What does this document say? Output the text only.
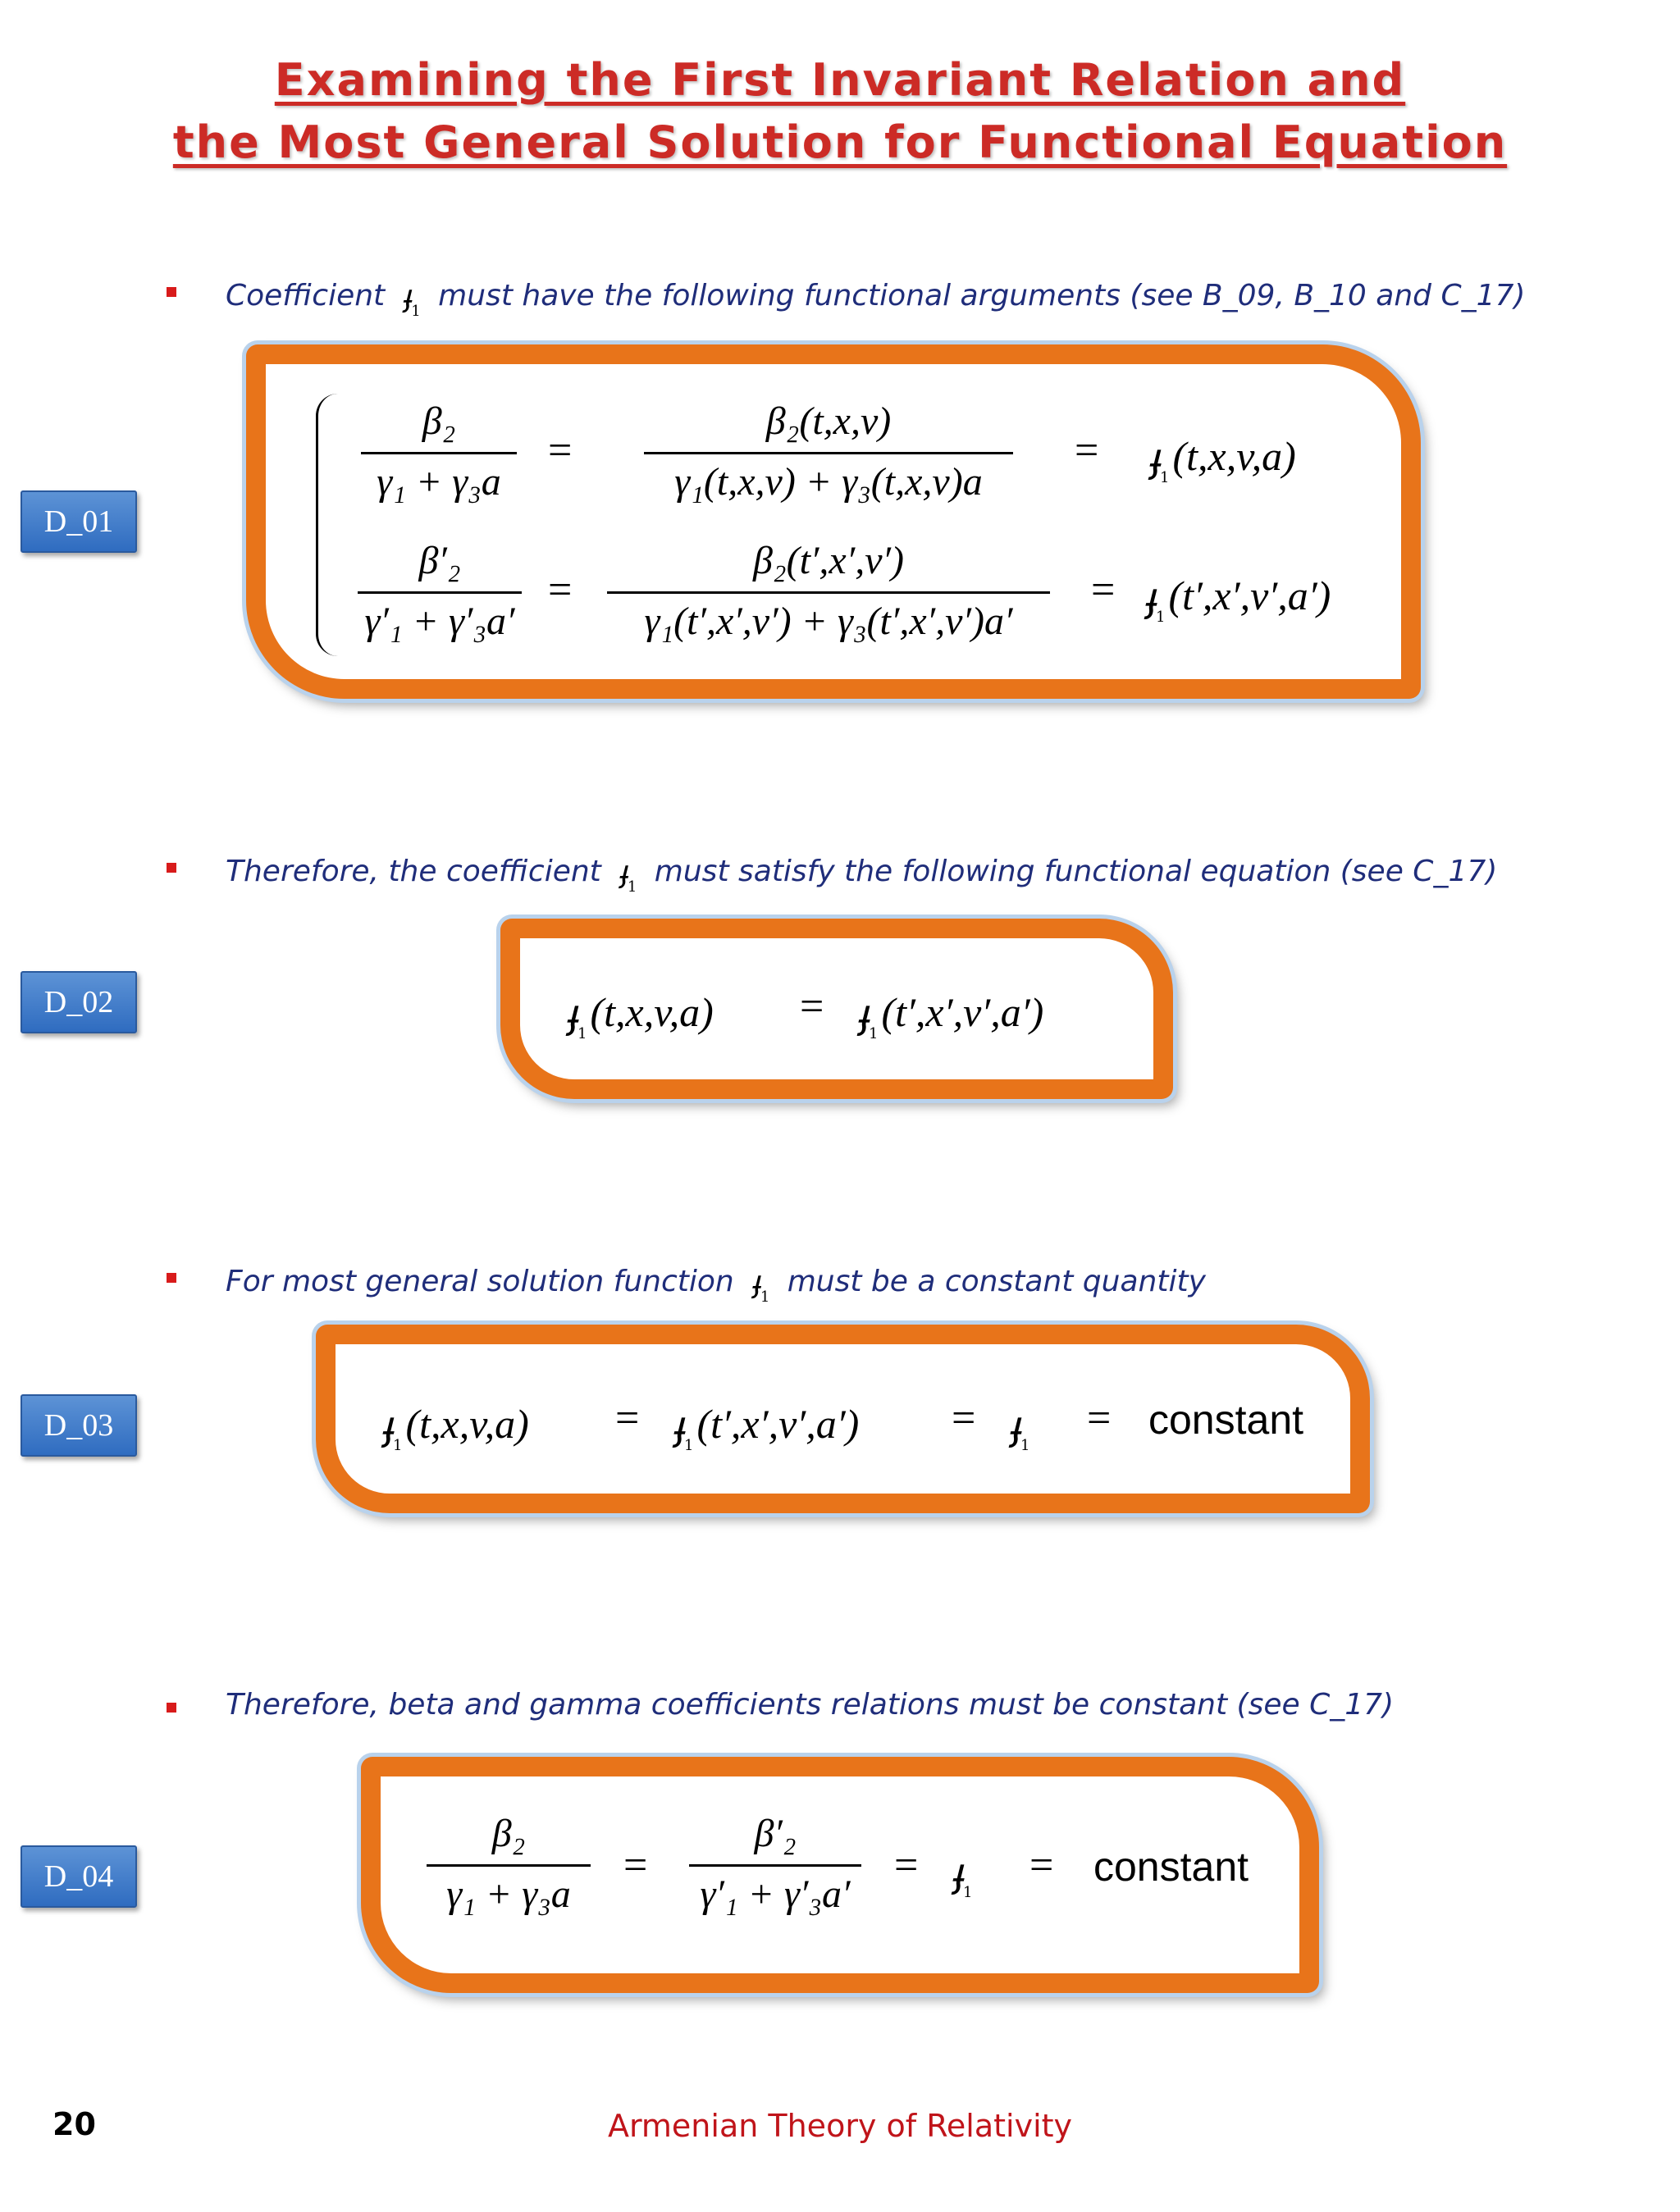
Examining the First Invariant Relation and
the Most General Solution for Functional Equation
Coefficient ֈ$_1$ must have the following functional arguments (see B_09, B_10 and C_17)
D_01
$\frac{\text{β₂}}{\text{γ₁ + γ₃a}} = \frac{\text{β₂(t,x,v)}}{\text{γ₁(t,x,v) + γ₃(t,x,v)a}}$ = ֈ$_1$(t,x,v,a)
$\frac{\text{β′₂}}{\text{γ′₁ + γ′₃a′}} = \frac{\text{β₂(t′,x′,v′)}}{\text{γ₁(t′,x′,v′) + γ₃(t′,x′,v′)a′}}$ = ֈ$_1$(t′,x′,v′,a′)
Therefore, the coefficient ֈ$_1$ must satisfy the following functional equation (see C_17)
D_02	ֈ$_1$(t,x,v,a) = ֈ$_1$(t′,x′,v′,a′)
For most general solution function ֈ$_1$ must be a constant quantity
D_03	ֈ$_1$(t,x,v,a) = ֈ$_1$(t′,x′,v′,a′) = ֈ$_1$
= constant
Therefore, beta and gamma coefficients relations must be constant (see C_17)
D_04	$\frac{\text{β₂}}{\text{γ₁ + γ₃a}} = \frac{\text{β′₂}}{\text{γ′₁ + γ′₃a′}}$ = ֈ$_1$
= constant
20	Armenian Theory of Relativity
